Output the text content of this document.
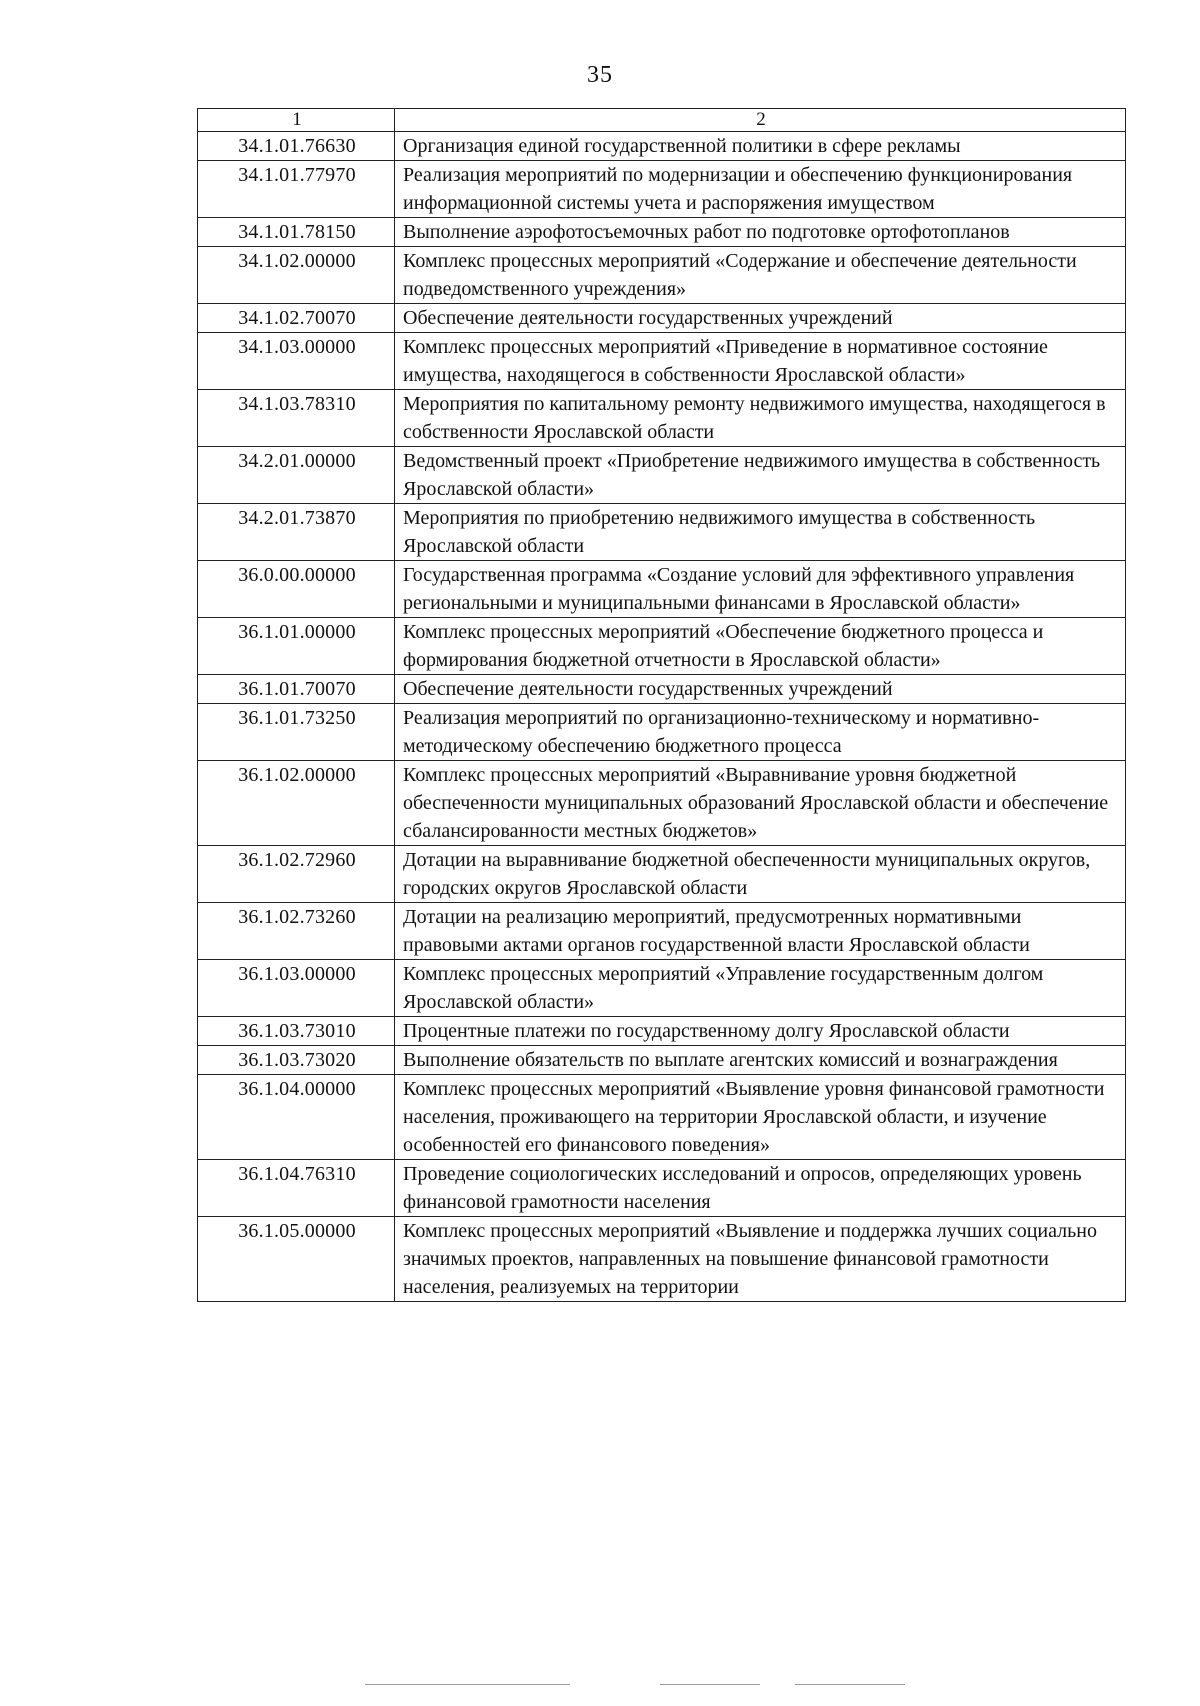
35
1	2
34.1.01.76630	Организация единой государственной политики в сфере рекламы
34.1.01.77970	Реализация мероприятий по модернизации и обеспечению функционирования информационной системы учета и распоряжения имуществом
34.1.01.78150	Выполнение аэрофотосъемочных работ по подготовке ортофотопланов
34.1.02.00000	Комплекс процессных мероприятий «Содержание и обеспечение деятельности подведомственного учреждения»
34.1.02.70070	Обеспечение деятельности государственных учреждений
34.1.03.00000	Комплекс процессных мероприятий «Приведение в нормативное состояние имущества, находящегося в собственности Ярославской области»
34.1.03.78310	Мероприятия по капитальному ремонту недвижимого имущества, находящегося в собственности Ярославской области
34.2.01.00000	Ведомственный проект «Приобретение недвижимого имущества в собственность Ярославской области»
34.2.01.73870	Мероприятия по приобретению недвижимого имущества в собственность Ярославской области
36.0.00.00000	Государственная программа «Создание условий для эффективного управления региональными и муниципальными финансами в Ярославской области»
36.1.01.00000	Комплекс процессных мероприятий «Обеспечение бюджетного процесса и формирования бюджетной отчетности в Ярославской области»
36.1.01.70070	Обеспечение деятельности государственных учреждений
36.1.01.73250	Реализация мероприятий по организационно-техническому и нормативно-методическому обеспечению бюджетного процесса
36.1.02.00000	Комплекс процессных мероприятий «Выравнивание уровня бюджетной обеспеченности муниципальных образований Ярославской области и обеспечение сбалансированности местных бюджетов»
36.1.02.72960	Дотации на выравнивание бюджетной обеспеченности муниципальных округов, городских округов Ярославской области
36.1.02.73260	Дотации на реализацию мероприятий, предусмотренных нормативными правовыми актами органов государственной власти Ярославской области
36.1.03.00000	Комплекс процессных мероприятий «Управление государственным долгом Ярославской области»
36.1.03.73010	Процентные платежи по государственному долгу Ярославской области
36.1.03.73020	Выполнение обязательств по выплате агентских комиссий и вознаграждения
36.1.04.00000	Комплекс процессных мероприятий «Выявление уровня финансовой грамотности населения, проживающего на территории Ярославской области, и изучение особенностей его финансового поведения»
36.1.04.76310	Проведение социологических исследований и опросов, определяющих уровень финансовой грамотности населения
36.1.05.00000	Комплекс процессных мероприятий «Выявление и поддержка лучших социально значимых проектов, направленных на повышение финансовой грамотности населения, реализуемых на территории
